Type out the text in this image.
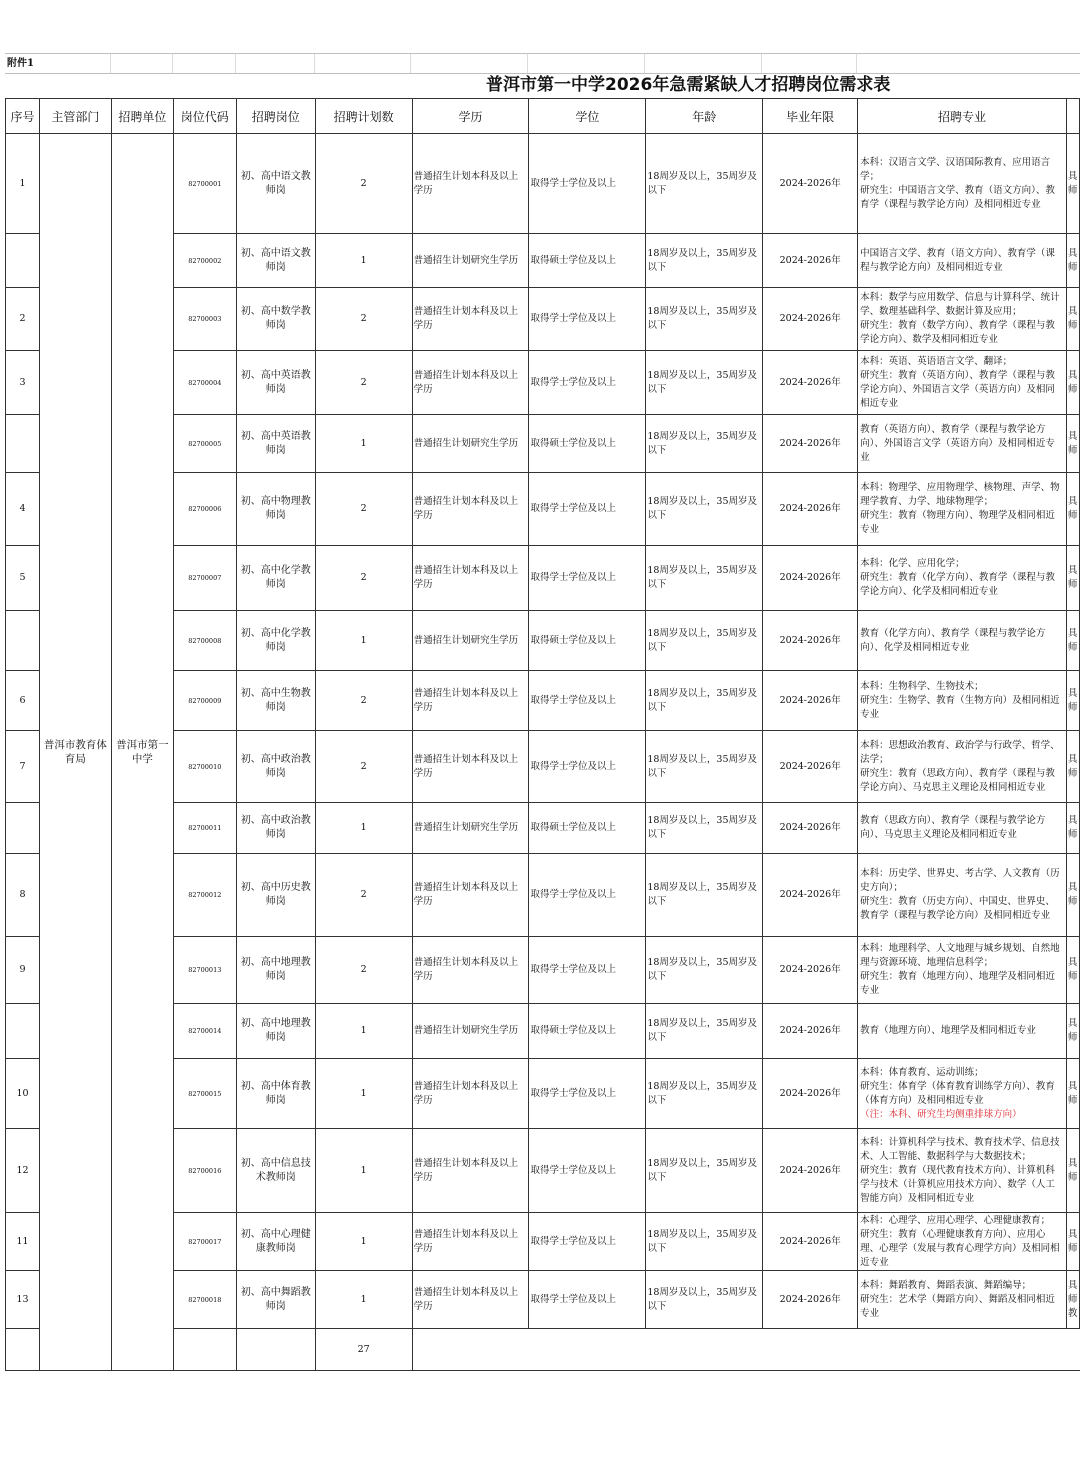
附件1
普洱市第一中学2026年急需紧缺人才招聘岗位需求表
序号	主管部门	招聘单位	岗位代码	招聘岗位	招聘计划数	学历	学位	年龄	毕业年限	招聘专业	
1	普洱市教育体育局	普洱市第一中学	82700001	初、高中语文教师岗	2	普通招生计划本科及以上学历	取得学士学位及以上	18周岁及以上，35周岁及以下	2024-2026年	本科：汉语言文学、汉语国际教育、应用语言学；
研究生：中国语言文学、教育（语文方向）、教育学（课程与教学论方向）及相同相近专业	具
师
			82700002	初、高中语文教师岗	1	普通招生计划研究生学历	取得硕士学位及以上	18周岁及以上，35周岁及以下	2024-2026年	中国语言文学、教育（语文方向）、教育学（课程与教学论方向）及相同相近专业	具
师
2			82700003	初、高中数学教师岗	2	普通招生计划本科及以上学历	取得学士学位及以上	18周岁及以上，35周岁及以下	2024-2026年	本科：数学与应用数学、信息与计算科学、统计学、数理基础科学、数据计算及应用；
研究生：教育（数学方向）、教育学（课程与教学论方向）、数学及相同相近专业	具
师
3			82700004	初、高中英语教师岗	2	普通招生计划本科及以上学历	取得学士学位及以上	18周岁及以上，35周岁及以下	2024-2026年	本科：英语、英语语言文学、翻译；
研究生：教育（英语方向）、教育学（课程与教学论方向）、外国语言文学（英语方向）及相同相近专业	具
师
			82700005	初、高中英语教师岗	1	普通招生计划研究生学历	取得硕士学位及以上	18周岁及以上，35周岁及以下	2024-2026年	教育（英语方向）、教育学（课程与教学论方向）、外国语言文学（英语方向）及相同相近专业	具
师
4			82700006	初、高中物理教师岗	2	普通招生计划本科及以上学历	取得学士学位及以上	18周岁及以上，35周岁及以下	2024-2026年	本科：物理学、应用物理学、核物理、声学、物理学教育、力学、地球物理学；
研究生：教育（物理方向）、物理学及相同相近专业	具
师
5			82700007	初、高中化学教师岗	2	普通招生计划本科及以上学历	取得学士学位及以上	18周岁及以上，35周岁及以下	2024-2026年	本科：化学、应用化学；
研究生：教育（化学方向）、教育学（课程与教学论方向）、化学及相同相近专业	具
师
			82700008	初、高中化学教师岗	1	普通招生计划研究生学历	取得硕士学位及以上	18周岁及以上，35周岁及以下	2024-2026年	教育（化学方向）、教育学（课程与教学论方向）、化学及相同相近专业	具
师
6			82700009	初、高中生物教师岗	2	普通招生计划本科及以上学历	取得学士学位及以上	18周岁及以上，35周岁及以下	2024-2026年	本科：生物科学、生物技术；
研究生：生物学、教育（生物方向）及相同相近专业	具
师
7			82700010	初、高中政治教师岗	2	普通招生计划本科及以上学历	取得学士学位及以上	18周岁及以上，35周岁及以下	2024-2026年	本科：思想政治教育、政治学与行政学、哲学、法学；
研究生：教育（思政方向）、教育学（课程与教学论方向）、马克思主义理论及相同相近专业	具
师
			82700011	初、高中政治教师岗	1	普通招生计划研究生学历	取得硕士学位及以上	18周岁及以上，35周岁及以下	2024-2026年	教育（思政方向）、教育学（课程与教学论方向）、马克思主义理论及相同相近专业	具
师
8			82700012	初、高中历史教师岗	2	普通招生计划本科及以上学历	取得学士学位及以上	18周岁及以上，35周岁及以下	2024-2026年	本科：历史学、世界史、考古学、人文教育（历史方向）；
研究生：教育（历史方向）、中国史、世界史、教育学（课程与教学论方向）及相同相近专业	具
师
9			82700013	初、高中地理教师岗	2	普通招生计划本科及以上学历	取得学士学位及以上	18周岁及以上，35周岁及以下	2024-2026年	本科：地理科学、人文地理与城乡规划、自然地理与资源环境、地理信息科学；
研究生：教育（地理方向）、地理学及相同相近专业	具
师
			82700014	初、高中地理教师岗	1	普通招生计划研究生学历	取得硕士学位及以上	18周岁及以上，35周岁及以下	2024-2026年	教育（地理方向）、地理学及相同相近专业	具
师
10			82700015	初、高中体育教师岗	1	普通招生计划本科及以上学历	取得学士学位及以上	18周岁及以上，35周岁及以下	2024-2026年	本科：体育教育、运动训练；
研究生：体育学（体育教育训练学方向）、教育（体育方向）及相同相近专业
（注：本科、研究生均侧重排球方向）	具
师
12			82700016	初、高中信息技术教师岗	1	普通招生计划本科及以上学历	取得学士学位及以上	18周岁及以上，35周岁及以下	2024-2026年	本科：计算机科学与技术、教育技术学、信息技术、人工智能、数据科学与大数据技术；
研究生：教育（现代教育技术方向）、计算机科学与技术（计算机应用技术方向）、数学（人工智能方向）及相同相近专业	具
师
11			82700017	初、高中心理健康教师岗	1	普通招生计划本科及以上学历	取得学士学位及以上	18周岁及以上，35周岁及以下	2024-2026年	本科：心理学、应用心理学、心理健康教育；
研究生：教育（心理健康教育方向）、应用心理、心理学（发展与教育心理学方向）及相同相近专业	具
师
13			82700018	初、高中舞蹈教师岗	1	普通招生计划本科及以上学历	取得学士学位及以上	18周岁及以上，35周岁及以下	2024-2026年	本科：舞蹈教育、舞蹈表演、舞蹈编导；
研究生：艺术学（舞蹈方向）、舞蹈及相同相近专业	具
师
教
					27						
